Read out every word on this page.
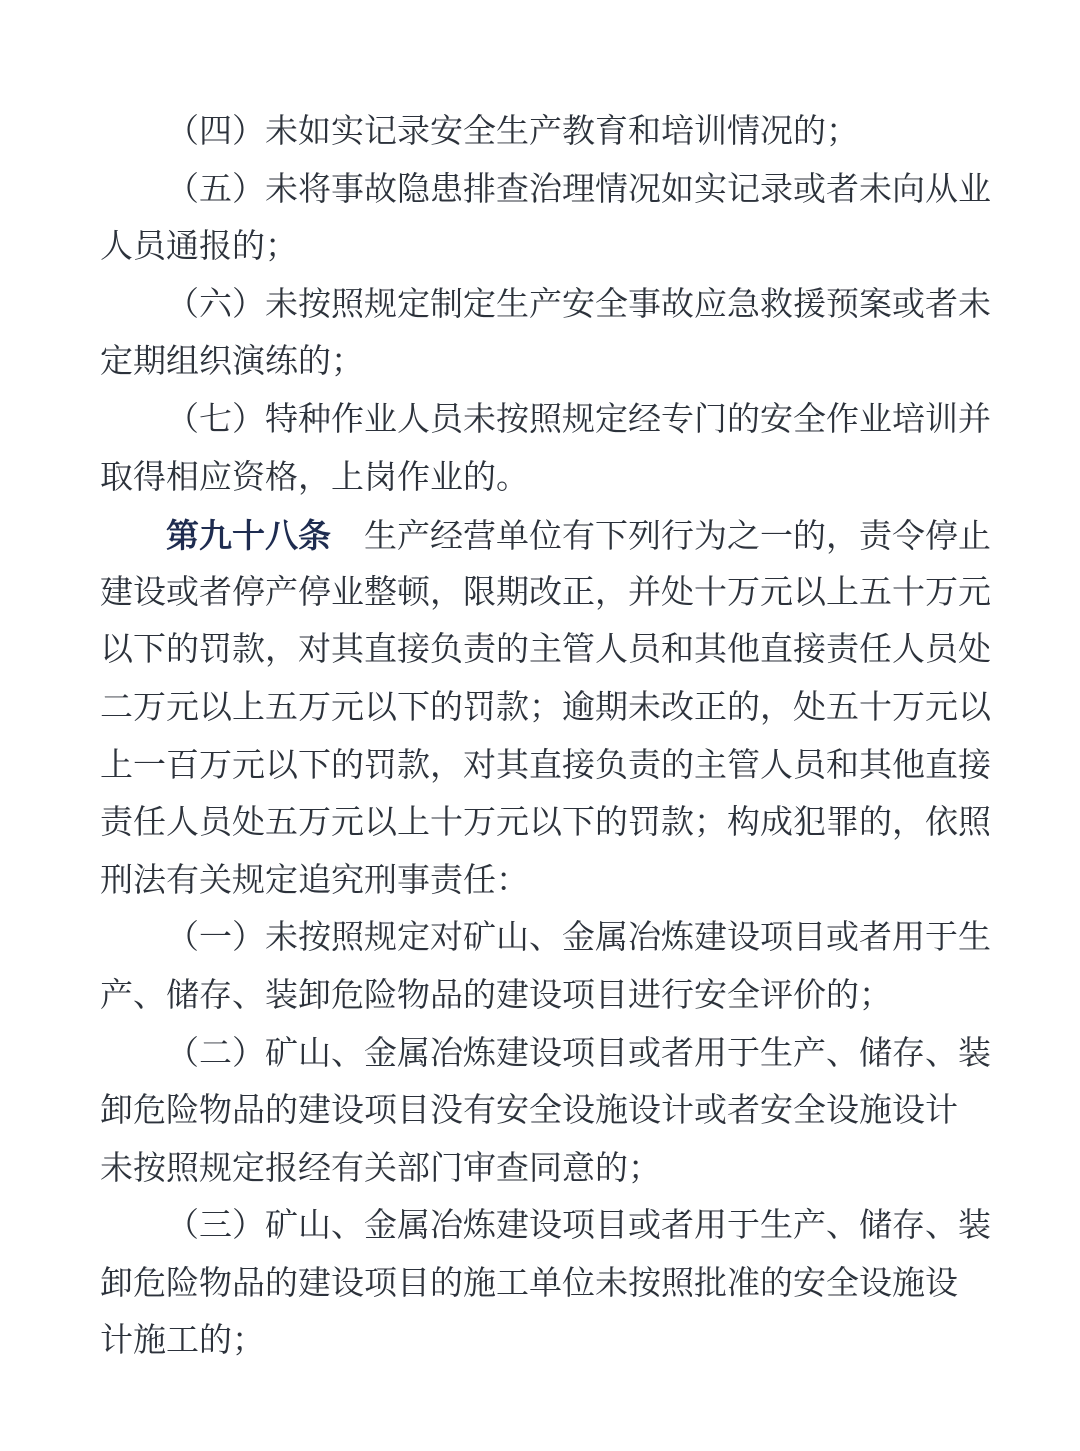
（四）未如实记录安全生产教育和培训情况的；
（五）未将事故隐患排查治理情况如实记录或者未向从业
人员通报的；
（六）未按照规定制定生产安全事故应急救援预案或者未
定期组织演练的；
（七）特种作业人员未按照规定经专门的安全作业培训并
取得相应资格，上岗作业的。
第九十八条　生产经营单位有下列行为之一的，责令停止
建设或者停产停业整顿，限期改正，并处十万元以上五十万元
以下的罚款，对其直接负责的主管人员和其他直接责任人员处
二万元以上五万元以下的罚款；逾期未改正的，处五十万元以
上一百万元以下的罚款，对其直接负责的主管人员和其他直接
责任人员处五万元以上十万元以下的罚款；构成犯罪的，依照
刑法有关规定追究刑事责任：
（一）未按照规定对矿山、金属冶炼建设项目或者用于生
产、储存、装卸危险物品的建设项目进行安全评价的；
（二）矿山、金属冶炼建设项目或者用于生产、储存、装
卸危险物品的建设项目没有安全设施设计或者安全设施设计
未按照规定报经有关部门审查同意的；
（三）矿山、金属冶炼建设项目或者用于生产、储存、装
卸危险物品的建设项目的施工单位未按照批准的安全设施设
计施工的；
